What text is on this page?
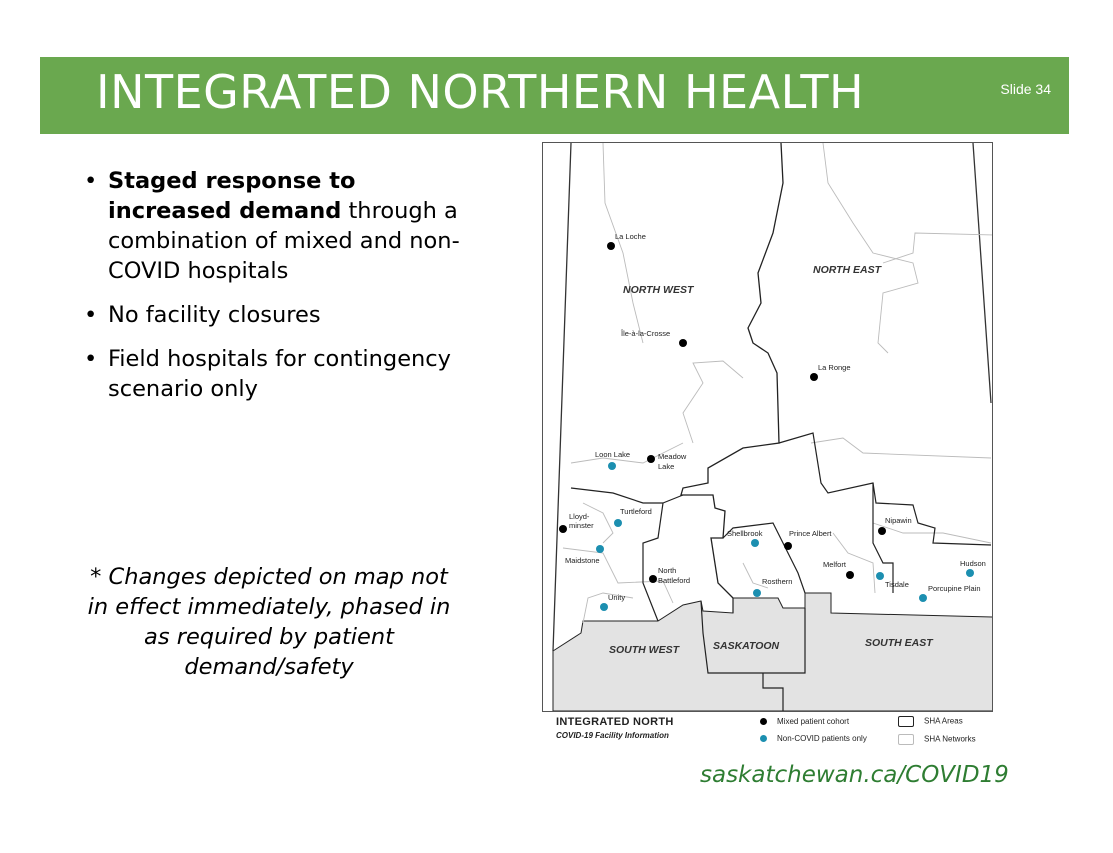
INTEGRATED NORTHERN HEALTH	Slide 34
• Staged response to increased demand through a combination of mixed and non-COVID hospitals
• No facility closures
• Field hospitals for contingency scenario only
* Changes depicted on map not in effect immediately, phased in as required by patient demand/safety
NORTH WEST
NORTH EAST
SOUTH WEST	SASKATOON	SOUTH EAST
La Loche
Île-à-la-Crosse
La Ronge
Loon Lake	Meadow
Lake
Lloyd-
minster
Turtleford
Maidstone
North
Battleford
Unity
Shellbrook	Prince Albert
Nipawin
Rosthern
Melfort
Tisdale
Hudson
Porcupine Plain
INTEGRATED NORTH
COVID-19 Facility Information
Mixed patient cohort
Non-COVID patients only
SHA Areas
SHA Networks
saskatchewan.ca/COVID19
